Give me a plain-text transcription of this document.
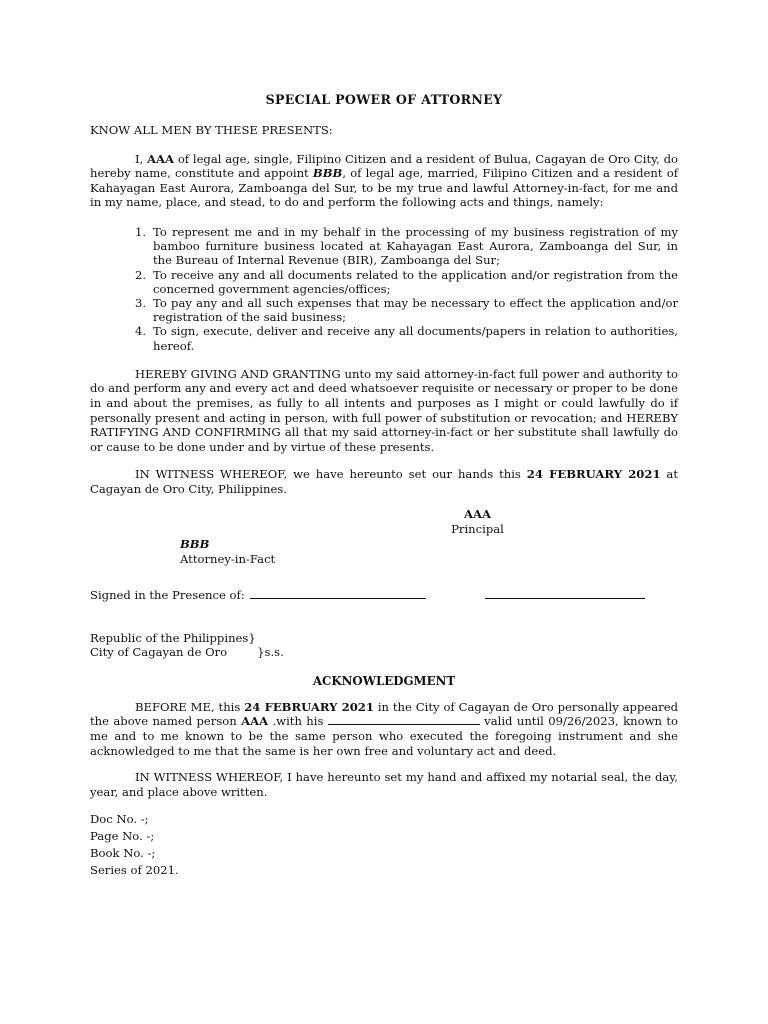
SPECIAL POWER OF ATTORNEY

KNOW ALL MEN BY THESE PRESENTS:

I, AAA of legal age, single, Filipino Citizen and a resident of Bulua, Cagayan de Oro City, do hereby name, constitute and appoint BBB, of legal age, married, Filipino Citizen and a resident of Kahayagan East Aurora, Zamboanga del Sur, to be my true and lawful Attorney-in-fact, for me and in my name, place, and stead, to do and perform the following acts and things, namely:

1. To represent me and in my behalf in the processing of my business registration of my bamboo furniture business located at Kahayagan East Aurora, Zamboanga del Sur, in the Bureau of Internal Revenue (BIR), Zamboanga del Sur;
2. To receive any and all documents related to the application and/or registration from the concerned government agencies/offices;
3. To pay any and all such expenses that may be necessary to effect the application and/or registration of the said business;
4. To sign, execute, deliver and receive any all documents/papers in relation to authorities, hereof.

HEREBY GIVING AND GRANTING unto my said attorney-in-fact full power and authority to do and perform any and every act and deed whatsoever requisite or necessary or proper to be done in and about the premises, as fully to all intents and purposes as I might or could lawfully do if personally present and acting in person, with full power of substitution or revocation; and HEREBY RATIFYING AND CONFIRMING all that my said attorney-in-fact or her substitute shall lawfully do or cause to be done under and by virtue of these presents.

IN WITNESS WHEREOF, we have hereunto set our hands this 24 FEBRUARY 2021 at Cagayan de Oro City, Philippines.

AAA
Principal
BBB
Attorney-in-Fact
Signed in the Presence of:

Republic of the Philippines}

City of Cagayan de Oro	}s.s.

ACKNOWLEDGMENT

BEFORE ME, this 24 FEBRUARY 2021 in the City of Cagayan de Oro personally appeared the above named person AAA .with his	valid until 09/26/2023, known to me and to me known to be the same person who executed the foregoing instrument and she acknowledged to me that the same is her own free and voluntary act and deed.

IN WITNESS WHEREOF, I have hereunto set my hand and affixed my notarial seal, the day, year, and place above written.

Doc No. -;

Page No. -;

Book No. -;

Series of 2021.
